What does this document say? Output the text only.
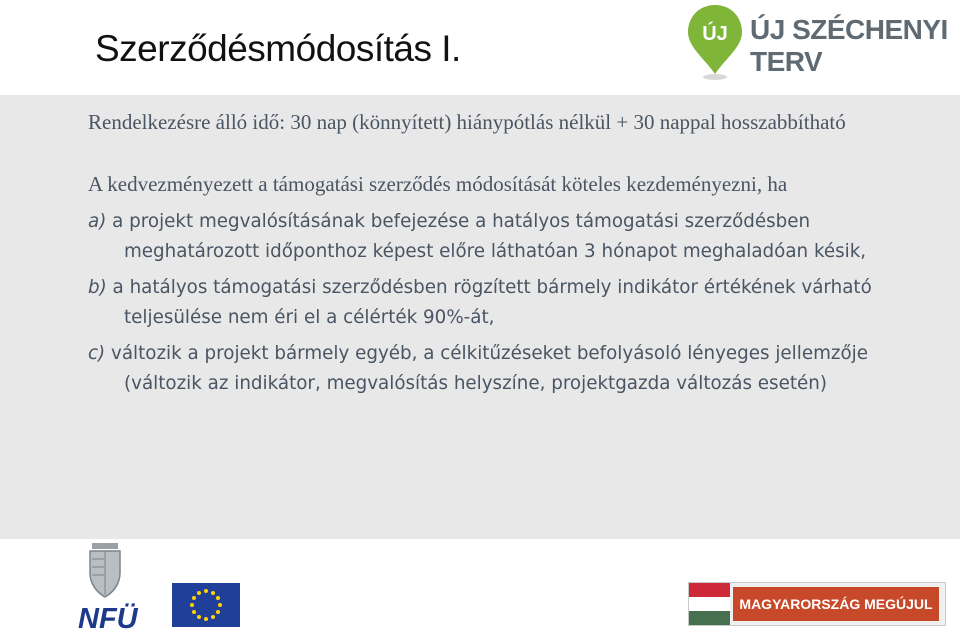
Szerződésmódosítás I.	ÚJ ÚJ SZÉCHENYI TERV

Rendelkezésre álló idő: 30 nap (könnyített) hiánypótlás nélkül + 30 nappal hosszabbítható

A kedvezményezett a támogatási szerződés módosítását köteles kezdeményezni, ha

a) a projekt megvalósításának befejezése a hatályos támogatási szerződésben meghatározott időponthoz képest előre láthatóan 3 hónapot meghaladóan késik,

b) a hatályos támogatási szerződésben rögzített bármely indikátor értékének várható teljesülése nem éri el a célérték 90%-át,

c) változik a projekt bármely egyéb, a célkitűzéseket befolyásoló lényeges jellemzője (változik az indikátor, megvalósítás helyszíne, projektgazda változás esetén)

NFÜ	MAGYARORSZÁG MEGÚJUL
